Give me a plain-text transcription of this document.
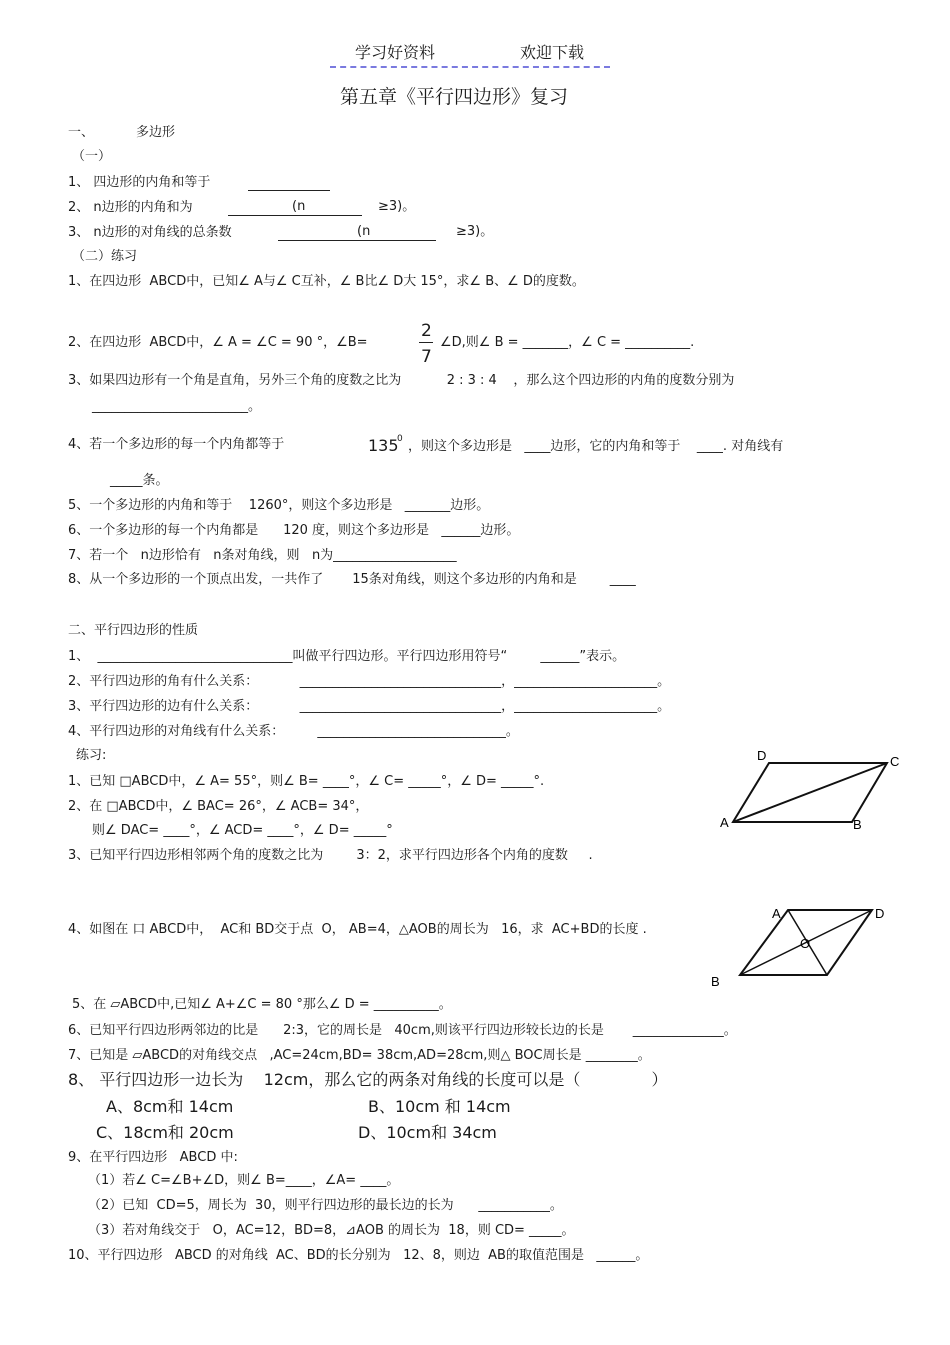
学习好资料	欢迎下载
第五章《平行四边形》复习
一、	多边形
（一）
1、 四边形的内角和等于
2、 n边形的内角和为	(n	≥3)。
3、 n边形的对角线的总条数	(n	≥3)。
（二）练习
1、在四边形  ABCD中，已知∠ A与∠ C互补，∠ B比∠ D大 15°，求∠ B、∠ D的度数。
2、在四边形  ABCD中，∠ A = ∠C = 90 °，∠B=
2
7
∠D,则∠ B = _______，∠ C = __________.
3、如果四边形有一个角是直角，另外三个角的度数之比为           2 : 3 : 4    ，那么这个四边形的内角的度数分别为
________________________。
4、若一个多边形的每一个内角都等于	135
0 ，则这个多边形是   ____边形，它的内角和等于    ____. 对角线有
_____条。
5、一个多边形的内角和等于    1260°，则这个多边形是   _______边形。
6、一个多边形的每一个内角都是      120 度，则这个多边形是   ______边形。
7、若一个   n边形恰有   n条对角线，则   n为___________________
8、从一个多边形的一个顶点出发，一共作了       15条对角线，则这个多边形的内角和是        ____
二、平行四边形的性质
1、  ______________________________叫做平行四边形。平行四边形用符号“        ______”表示。
2、平行四边形的角有什么关系：          _______________________________，______________________。
3、平行四边形的边有什么关系：          _______________________________，______________________。
4、平行四边形的对角线有什么关系：        _____________________________。
练习:
1、已知 □ABCD中，∠ A= 55°，则∠ B= ____°，∠ C= _____°，∠ D= _____°.
2、在 □ABCD中，∠ BAC= 26°，∠ ACB= 34°，
则∠ DAC= ____°，∠ ACD= ____°，∠ D= _____°
3、已知平行四边形相邻两个角的度数之比为        3：2，求平行四边形各个内角的度数     .
4、如图在 口 ABCD中，  AC和 BD交于点  O， AB=4，△AOB的周长为   16，求  AC+BD的长度 .
5、在 ▱ABCD中,已知∠ A+∠C = 80 °那么∠ D = __________。
6、已知平行四边形两邻边的比是      2:3，它的周长是   40cm,则该平行四边形较长边的长是       ______________。
7、已知是 ▱ABCD的对角线交点   ,AC=24cm,BD= 38cm,AD=28cm,则△ BOC周长是 ________。
8、 平行四边形一边长为    12cm，那么它的两条对角线的长度可以是（              ）
A、8cm和 14cm	B、10cm 和 14cm
C、18cm和 20cm	D、10cm和 34cm
9、在平行四边形   ABCD 中:
（1）若∠ C=∠B+∠D，则∠ B=____，∠A= ____。
（2）已知  CD=5，周长为  30，则平行四边形的最长边的长为      ___________。
（3）若对角线交于   O，AC=12，BD=8，⊿AOB 的周长为  18，则 CD= _____。
10、平行四边形   ABCD 的对角线  AC、BD的长分别为   12、8，则边  AB的取值范围是   ______。
A	B
C
D
A	D
B
O
